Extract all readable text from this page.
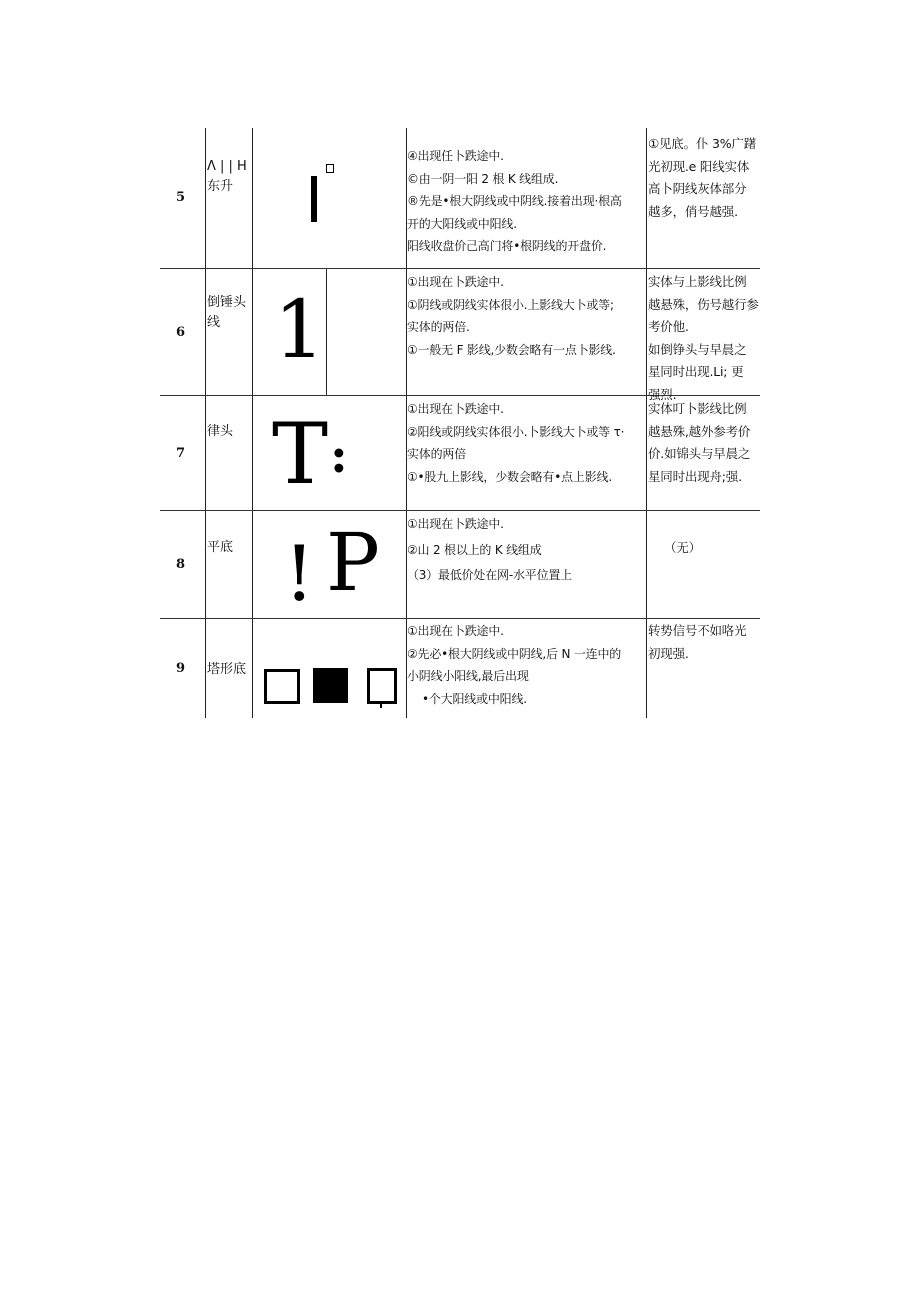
5
Λ | | H
东升
④出现任卜跌途中.
©由一阴一阳 2 根 K 线组成.
®先是•根大阴线或中阴线.接着出现·根高
开的大阳线或中阳线.
阳线收盘价己高门将•根阴线的开盘价.
①见底。仆 3%广躇
光初现.e 阳线实体
高卜阴线灰体部分
越多，俏号越强.
6
倒锤头
线 1
①出现在卜跌途中.
①阴线或阴线实体很小.上影线大卜或等;
实体的两倍.
①一般无 F 影线,少数会略有一点卜影线.
实体与上影线比例
越悬殊，伤号越行参
考价他.
如倒铮头与早晨之
星同时出现.Li; 更
强烈.
7
律头 T :
①出现在卜跌途中.
②阳线或阴线实体很小.卜影线大卜或等 τ·
实体的两倍
①•股九上影线，少数会略有•点上影线.
实体叮卜影线比例
越悬殊,越外参考价
价.如锦头与早晨之
星同时出现舟;强.
8
平底 ! P ①出现在卜跌途中.
②山 2 根以上的 K 线组成
（3）最低价处在网-水平位置上
（无）
9 塔形底
①出现在卜跌途中.
②先必•根大阴线或中阴线,后 N 一连中的
小阴线小阳线,最后出现
•个大阳线或中阳线.
转势信号不如咯光
初现强.
